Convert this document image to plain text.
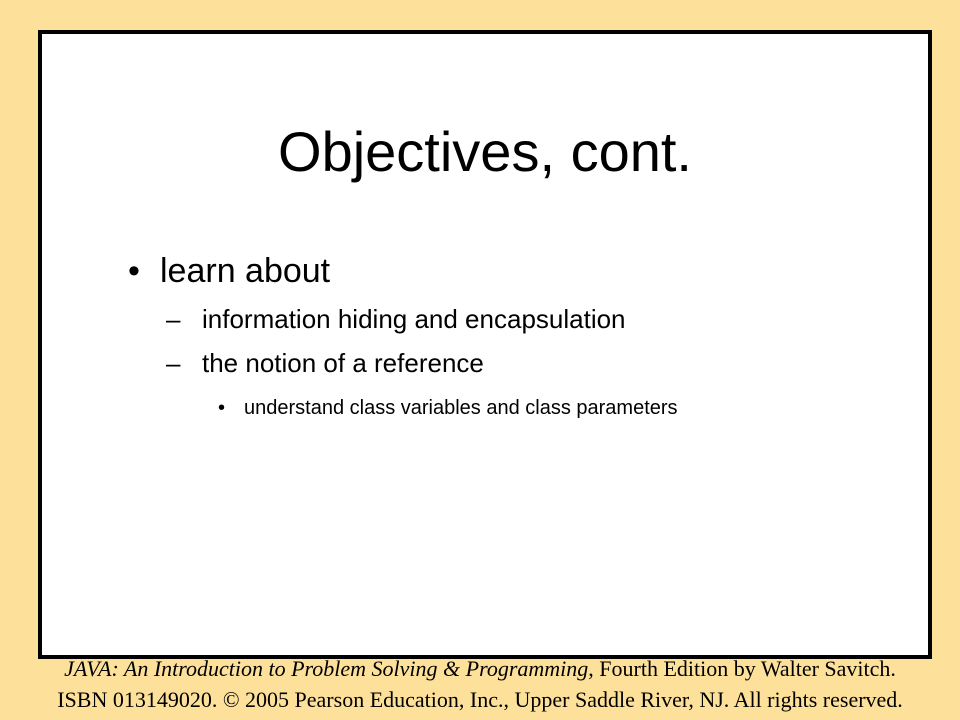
Objectives, cont.
• learn about
– information hiding and encapsulation
– the notion of a reference
• understand class variables and class parameters
JAVA: An Introduction to Problem Solving & Programming, Fourth Edition by Walter Savitch.
ISBN 013149020. © 2005 Pearson Education, Inc., Upper Saddle River, NJ. All rights reserved.
